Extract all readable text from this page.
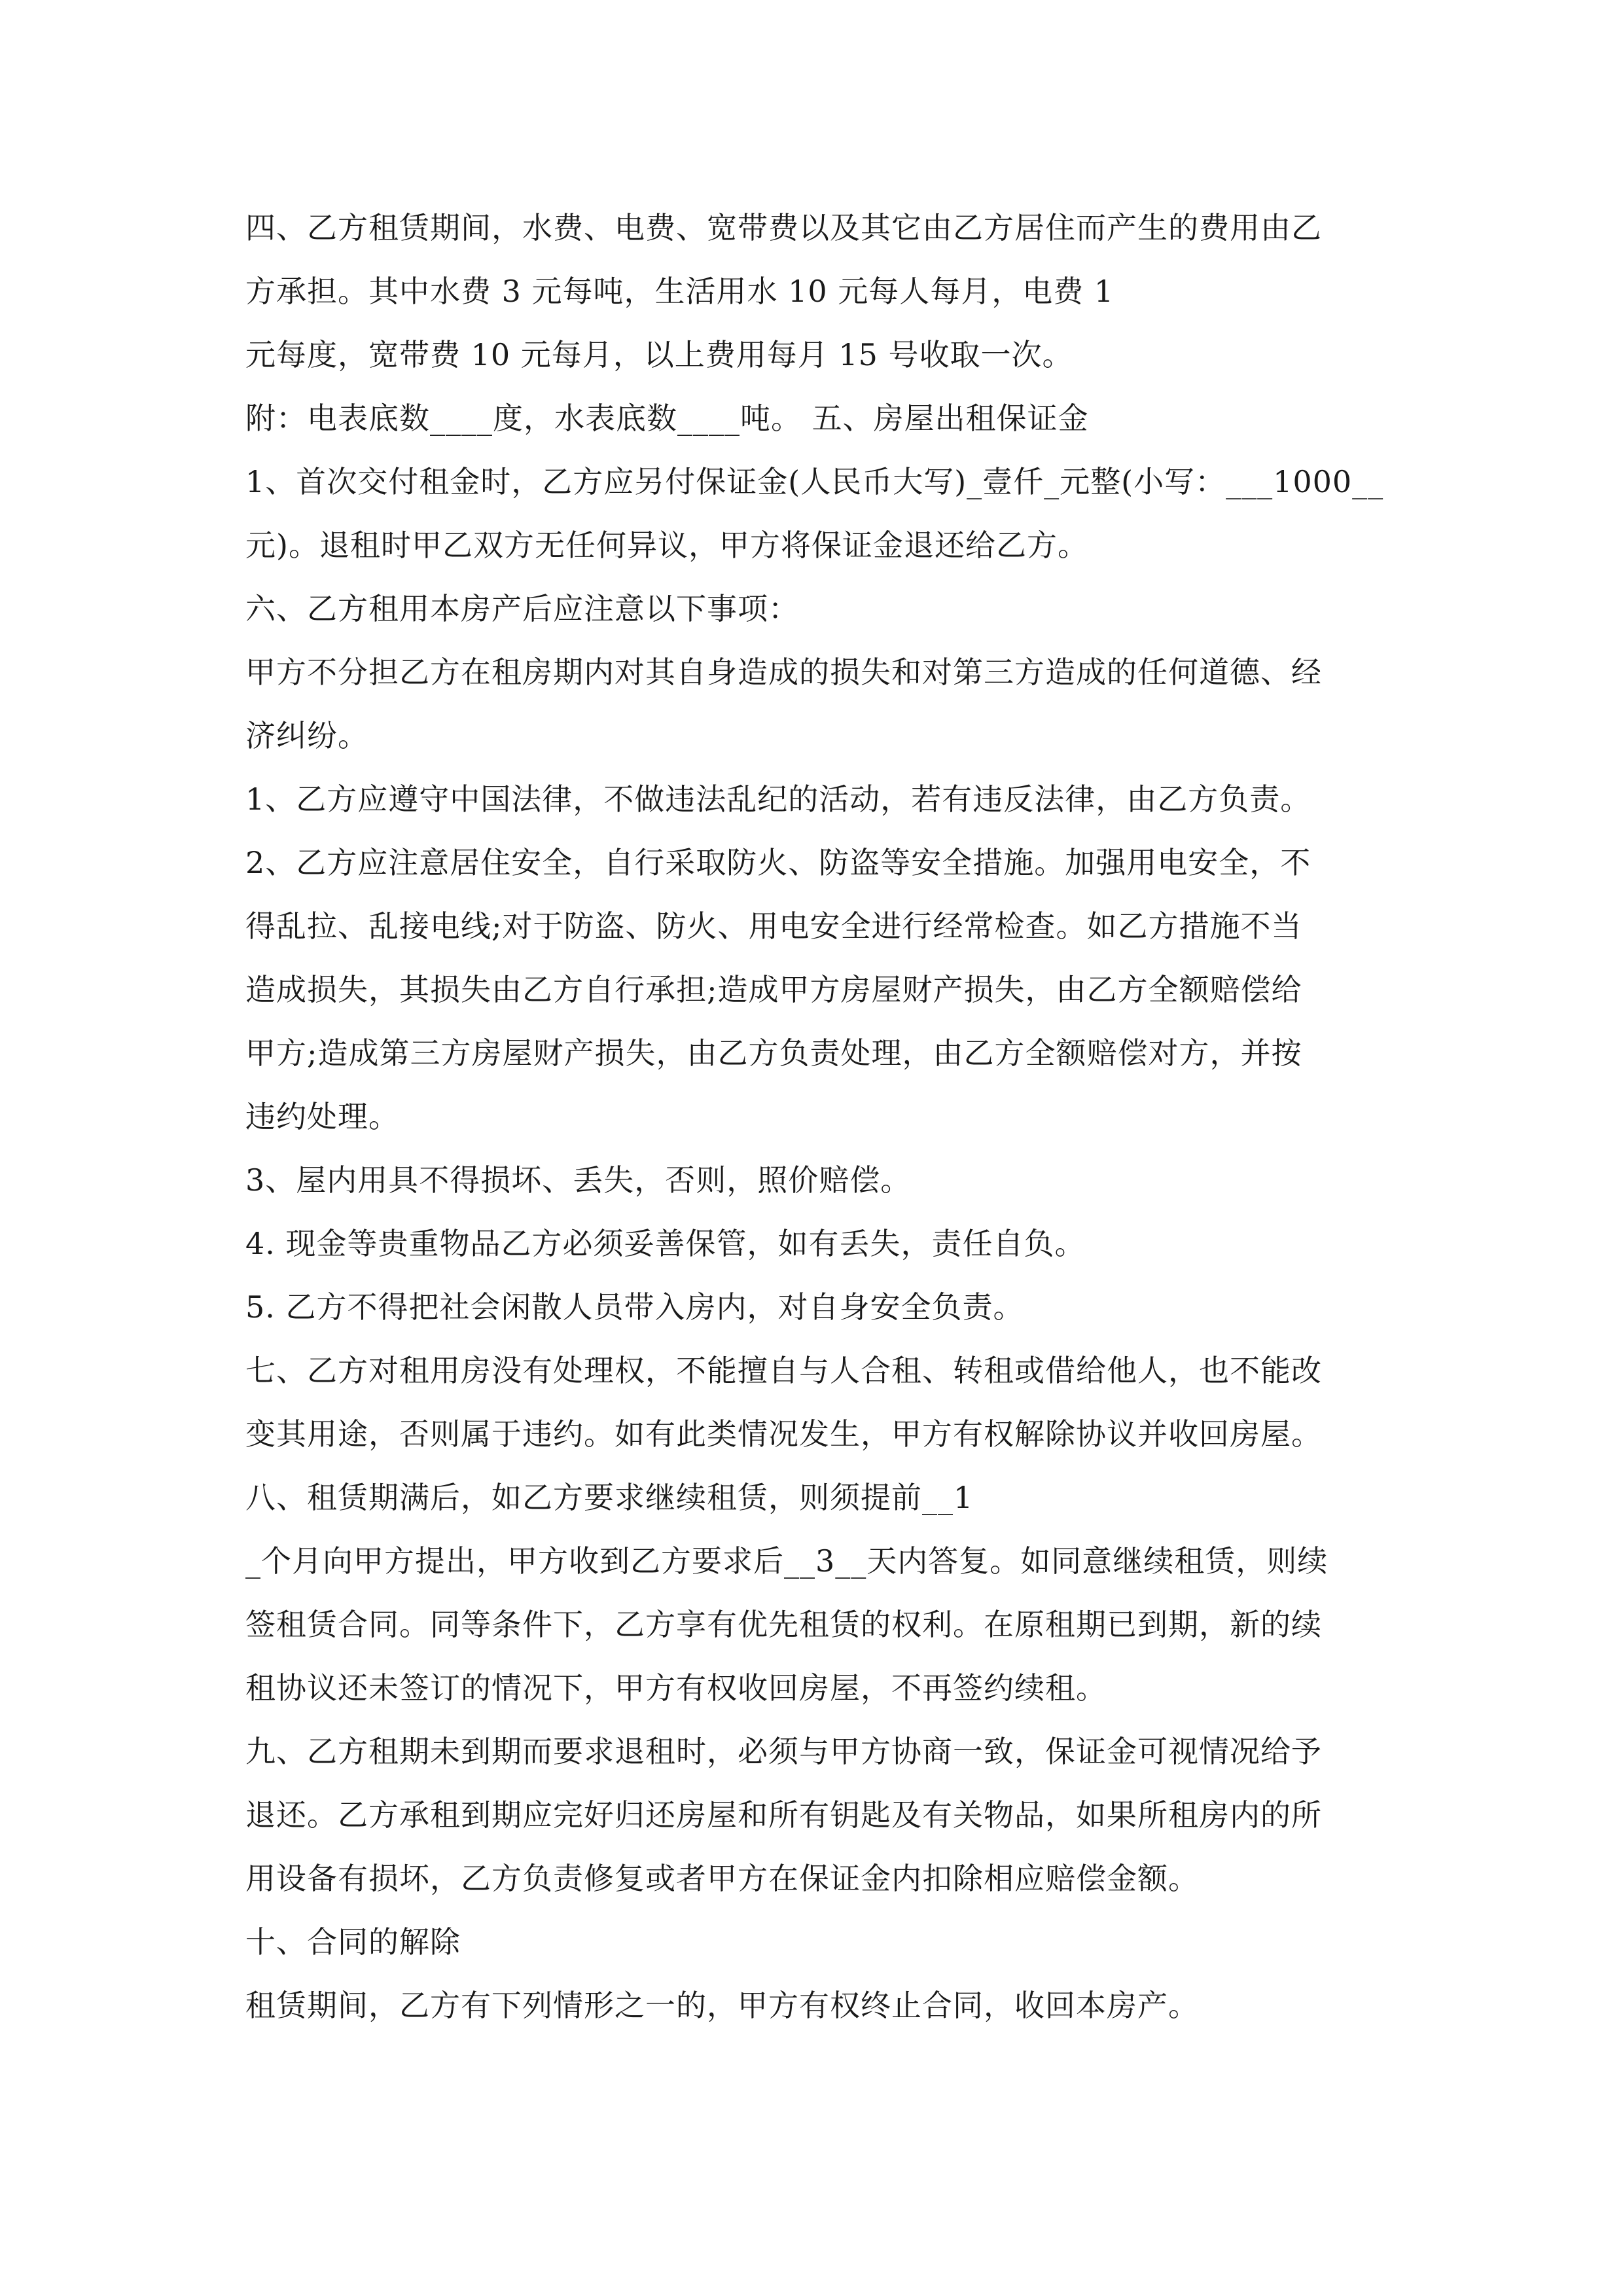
四、乙方租赁期间，水费、电费、宽带费以及其它由乙方居住而产生的费用由乙
方承担。其中水费 3 元每吨，生活用水 10 元每人每月，电费 1
元每度，宽带费 10 元每月，以上费用每月 15 号收取一次。
附：电表底数____度，水表底数____吨。 五、房屋出租保证金
1、首次交付租金时，乙方应另付保证金(人民币大写)_壹仟_元整(小写：___1000__
元)。退租时甲乙双方无任何异议，甲方将保证金退还给乙方。
六、乙方租用本房产后应注意以下事项：
甲方不分担乙方在租房期内对其自身造成的损失和对第三方造成的任何道德、经
济纠纷。
1、乙方应遵守中国法律，不做违法乱纪的活动，若有违反法律，由乙方负责。
2、乙方应注意居住安全，自行采取防火、防盗等安全措施。加强用电安全，不
得乱拉、乱接电线;对于防盗、防火、用电安全进行经常检查。如乙方措施不当
造成损失，其损失由乙方自行承担;造成甲方房屋财产损失，由乙方全额赔偿给
甲方;造成第三方房屋财产损失，由乙方负责处理，由乙方全额赔偿对方，并按
违约处理。
3、屋内用具不得损坏、丢失，否则，照价赔偿。
4. 现金等贵重物品乙方必须妥善保管，如有丢失，责任自负。
5. 乙方不得把社会闲散人员带入房内，对自身安全负责。
七、乙方对租用房没有处理权，不能擅自与人合租、转租或借给他人，也不能改
变其用途，否则属于违约。如有此类情况发生，甲方有权解除协议并收回房屋。
八、租赁期满后，如乙方要求继续租赁，则须提前__1
_个月向甲方提出，甲方收到乙方要求后__3__天内答复。如同意继续租赁，则续
签租赁合同。同等条件下，乙方享有优先租赁的权利。在原租期已到期，新的续
租协议还未签订的情况下，甲方有权收回房屋，不再签约续租。
九、乙方租期未到期而要求退租时，必须与甲方协商一致，保证金可视情况给予
退还。乙方承租到期应完好归还房屋和所有钥匙及有关物品，如果所租房内的所
用设备有损坏，乙方负责修复或者甲方在保证金内扣除相应赔偿金额。
十、合同的解除
租赁期间，乙方有下列情形之一的，甲方有权终止合同，收回本房产。
